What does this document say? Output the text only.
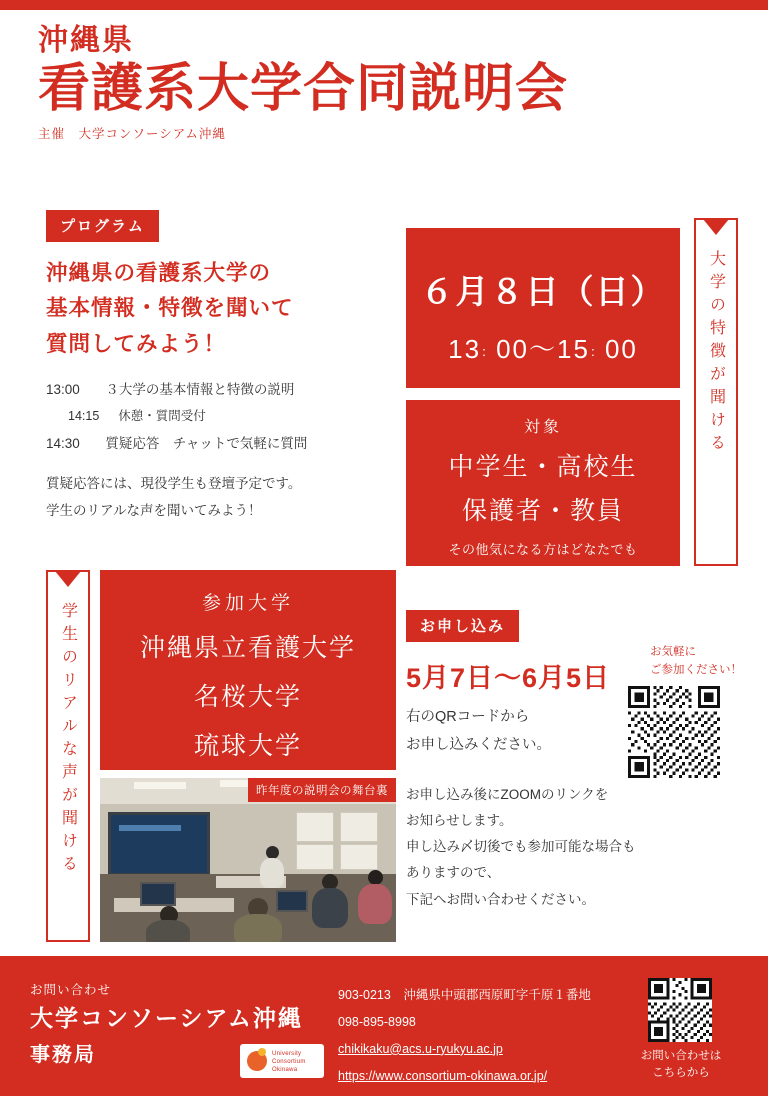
沖縄県
看護系大学合同説明会
主催　大学コンソーシアム沖縄
プログラム
沖縄県の看護系大学の
基本情報・特徴を聞いて
質問してみよう！
13:00 ３大学の基本情報と特徴の説明
14:15 休憩・質問受付
14:30 質疑応答　チャットで気軽に質問
質疑応答には、現役学生も登壇予定です。
学生のリアルな声を聞いてみよう！
６月８日（日）
13：00〜15：00
対象
中学生・高校生
保護者・教員
その他気になる方はどなたでも
大学の特徴が聞ける
学生のリアルな声が聞ける	参加大学
沖縄県立看護大学
名桜大学
琉球大学
昨年度の説明会の舞台裏
お申し込み
5月7日〜6月5日
右のQRコードから
お申し込みください。
お申し込み後にZOOMのリンクを
お知らせします。
申し込み〆切後でも参加可能な場合も
ありますので、
下記へお問い合わせください。
お気軽に
ご参加ください！
お問い合わせ
大学コンソーシアム沖縄
事務局
903-0213　沖縄県中頭郡西原町字千原１番地
098-895-8998
chikikaku@acs.u-ryukyu.ac.jp
https://www.consortium-okinawa.or.jp/
University
Consortium
Okinawa
お問い合わせは
こちらから
